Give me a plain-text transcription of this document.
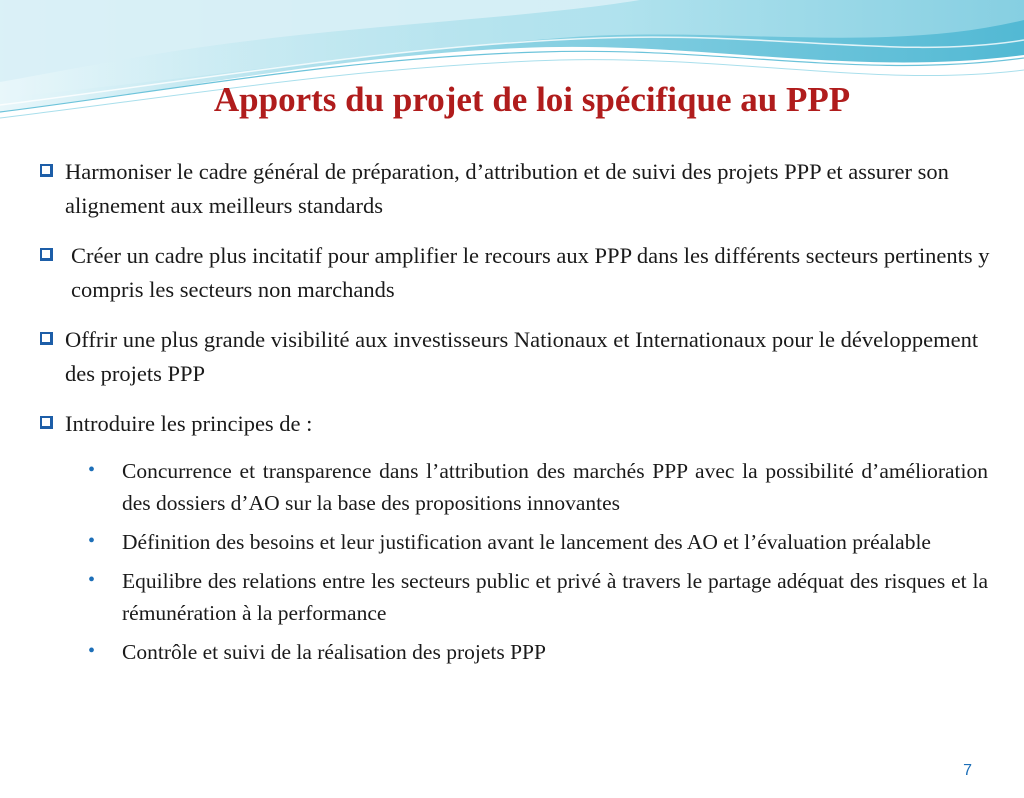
Apports du projet de loi spécifique au PPP
Harmoniser le cadre général de préparation, d’attribution et de suivi des projets PPP et assurer son alignement aux meilleurs standards
Créer un cadre plus incitatif pour amplifier le recours aux PPP dans les différents secteurs pertinents y compris les secteurs non marchands
Offrir une plus grande visibilité aux investisseurs Nationaux et Internationaux pour le développement des projets PPP
Introduire les principes de :
•	Concurrence et transparence dans l’attribution des marchés PPP avec la possibilité d’amélioration des dossiers d’AO sur la base des propositions innovantes
•	Définition des besoins et leur justification avant le lancement des AO et l’évaluation préalable
•	Equilibre des relations entre les secteurs public et privé à travers le partage adéquat des risques et la rémunération à la performance
•	Contrôle et suivi de la réalisation des projets PPP
7
